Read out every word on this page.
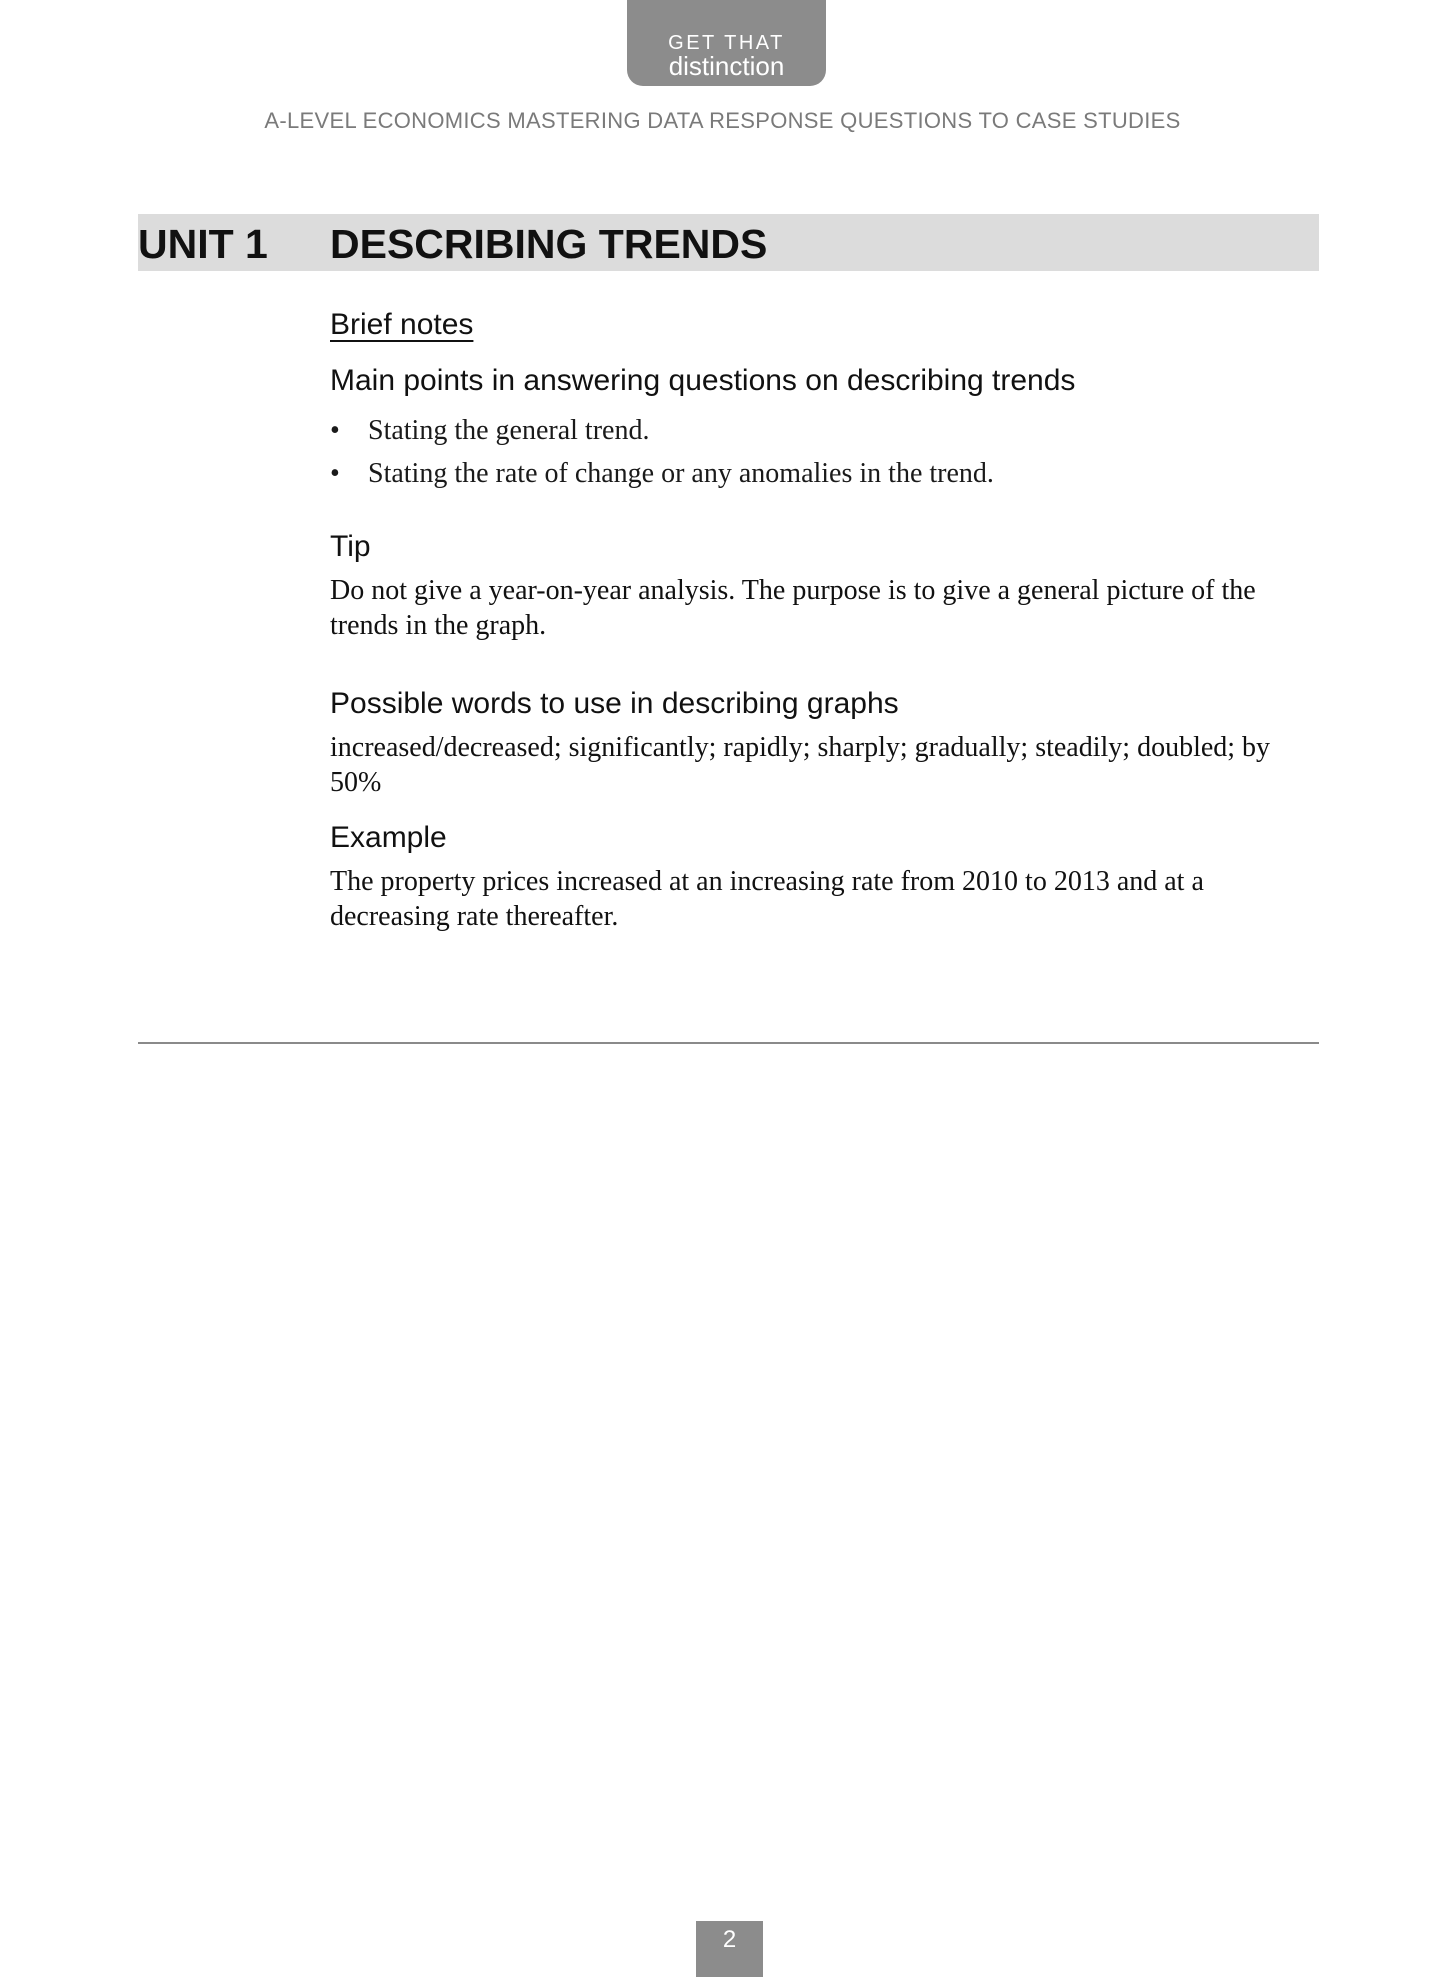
GET THAT
distinction
A-LEVEL ECONOMICS MASTERING DATA RESPONSE QUESTIONS TO CASE STUDIES
UNIT 1 DESCRIBING TRENDS
Brief notes
Main points in answering questions on describing trends
• Stating the general trend.
• Stating the rate of change or any anomalies in the trend.
Tip
Do not give a year-on-year analysis. The purpose is to give a general picture of the trends in the graph.
Possible words to use in describing graphs
increased/decreased; significantly; rapidly; sharply; gradually; steadily; doubled; by 50%
Example
The property prices increased at an increasing rate from 2010 to 2013 and at a decreasing rate thereafter.
2
